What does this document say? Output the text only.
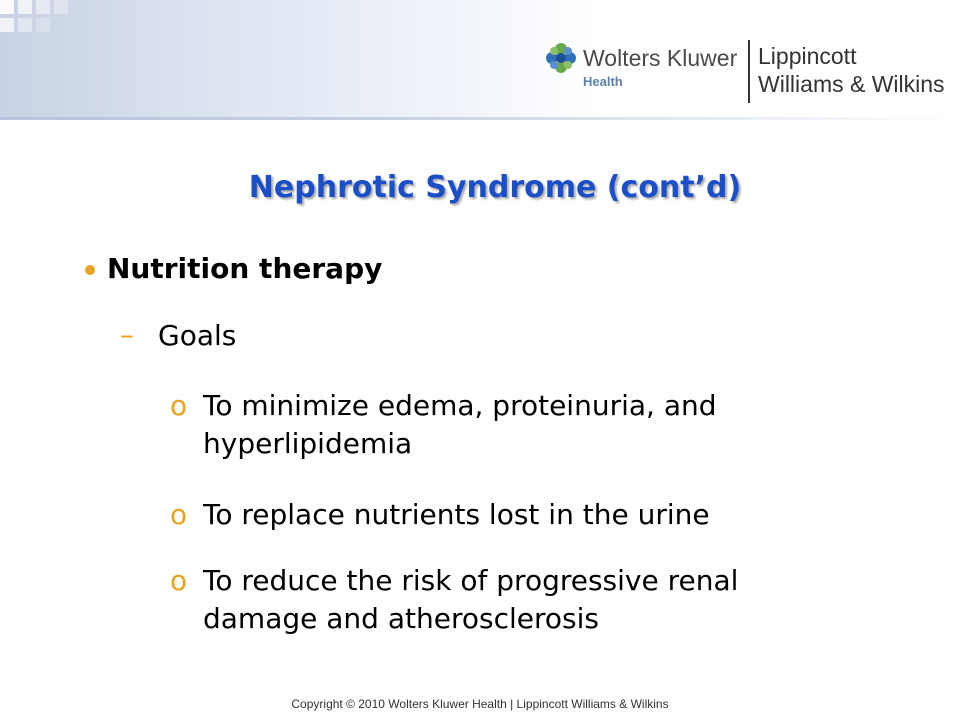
Wolters Kluwer
Health
Lippincott
Williams & Wilkins
Nephrotic Syndrome (cont’d)
Nutrition therapy
– Goals
o To minimize edema, proteinuria, and
hyperlipidemia
o To replace nutrients lost in the urine
o To reduce the risk of progressive renal
damage and atherosclerosis
Copyright © 2010 Wolters Kluwer Health | Lippincott Williams & Wilkins
